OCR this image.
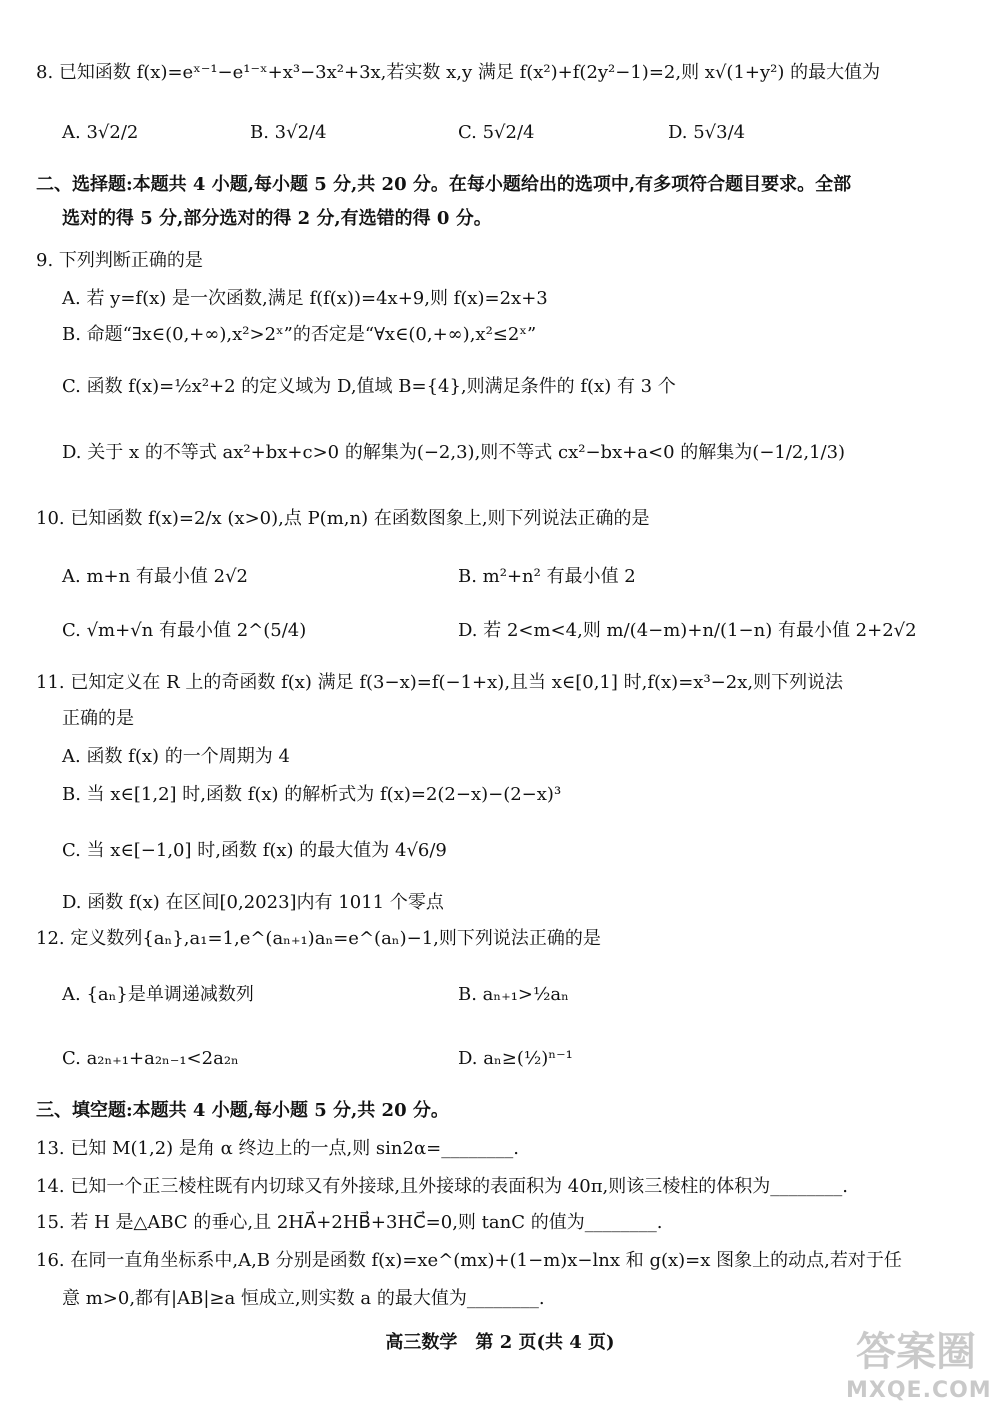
8. 已知函数 f(x)=eˣ⁻¹−e¹⁻ˣ+x³−3x²+3x,若实数 x,y 满足 f(x²)+f(2y²−1)=2,则 x√(1+y²) 的最大值为
A. 3√2/2	B. 3√2/4	C. 5√2/4	D. 5√3/4
二、选择题:本题共 4 小题,每小题 5 分,共 20 分。在每小题给出的选项中,有多项符合题目要求。全部
选对的得 5 分,部分选对的得 2 分,有选错的得 0 分。
9. 下列判断正确的是
A. 若 y=f(x) 是一次函数,满足 f(f(x))=4x+9,则 f(x)=2x+3
B. 命题“∃x∈(0,+∞),x²>2ˣ”的否定是“∀x∈(0,+∞),x²≤2ˣ”
C. 函数 f(x)=½x²+2 的定义域为 D,值域 B={4},则满足条件的 f(x) 有 3 个
D. 关于 x 的不等式 ax²+bx+c>0 的解集为(−2,3),则不等式 cx²−bx+a<0 的解集为(−1/2,1/3)
10. 已知函数 f(x)=2/x (x>0),点 P(m,n) 在函数图象上,则下列说法正确的是
A. m+n 有最小值 2√2	B. m²+n² 有最小值 2
C. √m+√n 有最小值 2^(5/4)	D. 若 2<m<4,则 m/(4−m)+n/(1−n) 有最小值 2+2√2
11. 已知定义在 R 上的奇函数 f(x) 满足 f(3−x)=f(−1+x),且当 x∈[0,1] 时,f(x)=x³−2x,则下列说法
正确的是
A. 函数 f(x) 的一个周期为 4
B. 当 x∈[1,2] 时,函数 f(x) 的解析式为 f(x)=2(2−x)−(2−x)³
C. 当 x∈[−1,0] 时,函数 f(x) 的最大值为 4√6/9
D. 函数 f(x) 在区间[0,2023]内有 1011 个零点
12. 定义数列{aₙ},a₁=1,e^(aₙ₊₁)aₙ=e^(aₙ)−1,则下列说法正确的是
A. {aₙ}是单调递减数列	B. aₙ₊₁>½aₙ
C. a₂ₙ₊₁+a₂ₙ₋₁<2a₂ₙ	D. aₙ≥(½)ⁿ⁻¹
三、填空题:本题共 4 小题,每小题 5 分,共 20 分。
13. 已知 M(1,2) 是角 α 终边上的一点,则 sin2α=________.
14. 已知一个正三棱柱既有内切球又有外接球,且外接球的表面积为 40π,则该三棱柱的体积为________.
15. 若 H 是△ABC 的垂心,且 2HA⃗+2HB⃗+3HC⃗=0,则 tanC 的值为________.
16. 在同一直角坐标系中,A,B 分别是函数 f(x)=xe^(mx)+(1−m)x−lnx 和 g(x)=x 图象上的动点,若对于任
意 m>0,都有|AB|≥a 恒成立,则实数 a 的最大值为________.
高三数学　第 2 页(共 4 页)	答案圈
MXQE.COM
